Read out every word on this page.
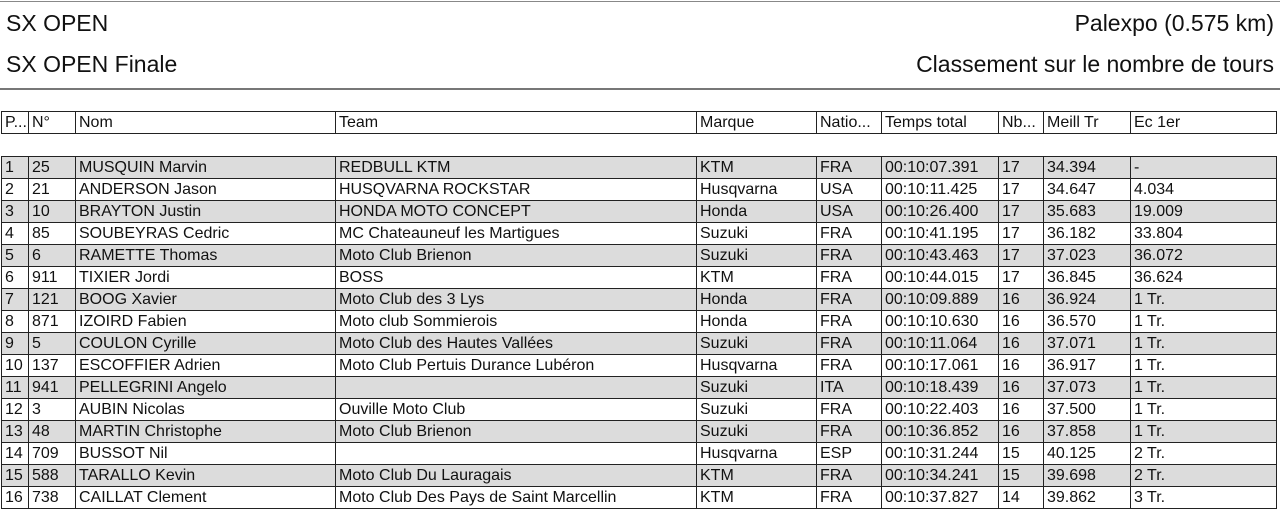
SX OPEN
SX OPEN Finale
Palexpo (0.575 km)
Classement sur le nombre de tours
P...	N°	Nom	Team	Marque	Natio...	Temps total	Nb...	Meill Tr	Ec 1er

1	25	MUSQUIN Marvin	REDBULL KTM	KTM	FRA	00:10:07.391	17	34.394	-
2	21	ANDERSON Jason	HUSQVARNA ROCKSTAR	Husqvarna	USA	00:10:11.425	17	34.647	4.034
3	10	BRAYTON Justin	HONDA MOTO CONCEPT	Honda	USA	00:10:26.400	17	35.683	19.009
4	85	SOUBEYRAS Cedric	MC Chateauneuf les Martigues	Suzuki	FRA	00:10:41.195	17	36.182	33.804
5	6	RAMETTE Thomas	Moto Club Brienon	Suzuki	FRA	00:10:43.463	17	37.023	36.072
6	911	TIXIER Jordi	BOSS	KTM	FRA	00:10:44.015	17	36.845	36.624
7	121	BOOG Xavier	Moto Club des 3 Lys	Honda	FRA	00:10:09.889	16	36.924	1 Tr.
8	871	IZOIRD Fabien	Moto club Sommierois	Honda	FRA	00:10:10.630	16	36.570	1 Tr.
9	5	COULON Cyrille	Moto Club des Hautes Vallées	Suzuki	FRA	00:10:11.064	16	37.071	1 Tr.
10	137	ESCOFFIER Adrien	Moto Club Pertuis Durance Lubéron	Husqvarna	FRA	00:10:17.061	16	36.917	1 Tr.
11	941	PELLEGRINI Angelo		Suzuki	ITA	00:10:18.439	16	37.073	1 Tr.
12	3	AUBIN Nicolas	Ouville Moto Club	Suzuki	FRA	00:10:22.403	16	37.500	1 Tr.
13	48	MARTIN Christophe	Moto Club Brienon	Suzuki	FRA	00:10:36.852	16	37.858	1 Tr.
14	709	BUSSOT Nil		Husqvarna	ESP	00:10:31.244	15	40.125	2 Tr.
15	588	TARALLO Kevin	Moto Club Du Lauragais	KTM	FRA	00:10:34.241	15	39.698	2 Tr.
16	738	CAILLAT Clement	Moto Club Des Pays de Saint Marcellin	KTM	FRA	00:10:37.827	14	39.862	3 Tr.
